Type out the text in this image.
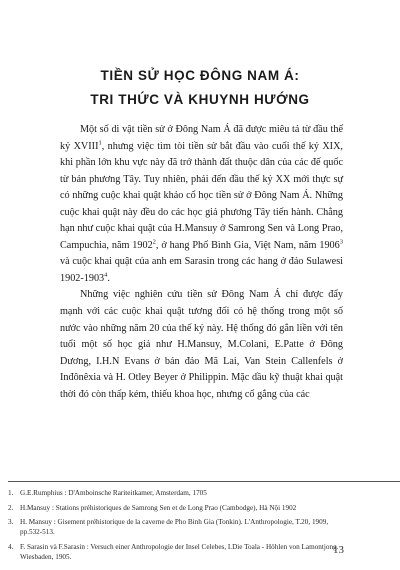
TIỀN SỬ HỌC ĐÔNG NAM Á:
TRI THỨC VÀ KHUYNH HƯỚNG

Một số di vật tiền sử ở Đông Nam Á đã được miêu tả từ đầu thế kỷ XVIII$^1$, nhưng việc tìm tòi tiền sử bắt đầu vào cuối thế kỷ XIX, khi phần lớn khu vực này đã trở thành đất thuộc dân của các đế quốc từ bản phương Tây. Tuy nhiên, phải đến đầu thế kỷ XX mới thực sự có những cuộc khai quật khảo cổ học tiền sử ở Đông Nam Á. Những cuộc khai quật này đều do các học giả phương Tây tiến hành. Chẳng hạn như cuộc khai quật của H.Mansuy ở Samrong Sen và Long Prao, Campuchia, năm 1902$^2$, ở hang Phố Bình Gia, Việt Nam, năm 1906$^3$ và cuộc khai quật của anh em Sarasin trong các hang ở đảo Sulawesi 1902-1903$^4$.

Những việc nghiên cứu tiền sử Đông Nam Á chỉ được đẩy mạnh với các cuộc khai quật tương đối có hệ thống trong một số nước vào những năm 20 của thế kỷ này. Hệ thống đó gắn liền với tên tuổi một số học giả như H.Mansuy, M.Colani, E.Patte ở Đông Dương, I.H.N Evans ở bán đảo Mã Lai, Van Stein Callenfels ở Inđônêxia và H. Otley Beyer ở Philippin. Mặc dầu kỹ thuật khai quật thời đó còn thấp kém, thiếu khoa học, nhưng cố gắng của các

1. G.E.Rumphius : D'Amboinsche Rariteitkamer, Amsterdam, 1705
2. H.Mansuy : Stations préhistoriques de Samrong Sen et de Long Prao (Cambodge), Hà Nội 1902
3. H. Mansuy : Gisement préhistorique de la caverne de Pho Binh Gia (Tonkin). L'Anthropologie, T.20, 1909, pp.532-513.
4. F. Sarasin và F.Sarasin : Versuch einer Anthropologie der Insel Celebes, I.Die Toala - Höhlen von Lamontjong. Wiesbaden, 1905.
13
